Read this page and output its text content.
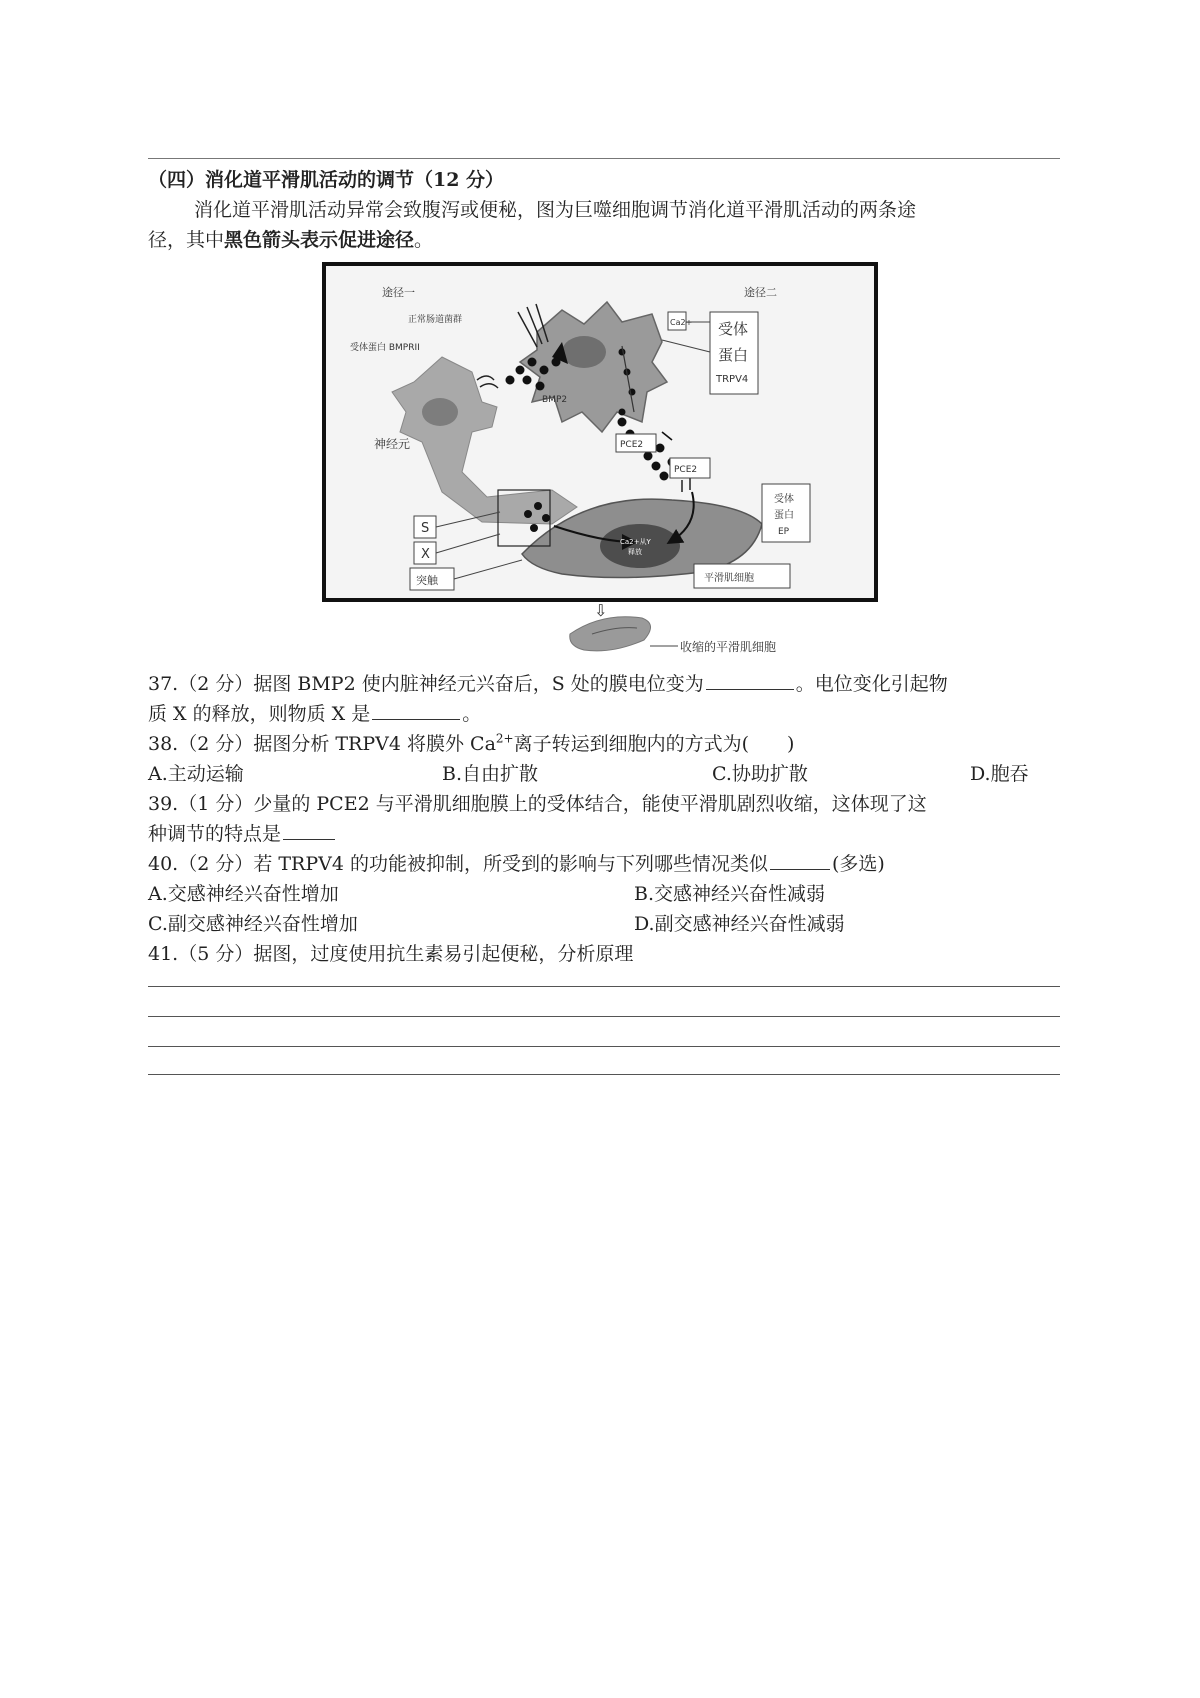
（四）消化道平滑肌活动的调节（12 分）
消化道平滑肌活动异常会致腹泻或便秘，图为巨噬细胞调节消化道平滑肌活动的两条途
径，其中黑色箭头表示促进途径。
途径一	途径二
正常肠道菌群
受体蛋白 BMPRII
BMP2
神经元
Ca2+ 受体
蛋白
TRPV4
PCE2
PCE2
受体
蛋白
EP
S
X
突触	平滑肌细胞
Ca2+从Y
释放
⇩
收缩的平滑肌细胞
37.（2 分）据图 BMP2 使内脏神经元兴奋后，S 处的膜电位变为	。电位变化引起物
质 X 的释放，则物质 X 是	。
38.（2 分）据图分析 TRPV4 将膜外 $Ca^{2+}$离子转运到细胞内的方式为(　　)
A.主动运输	B.自由扩散	C.协助扩散	D.胞吞
39.（1 分）少量的 PCE2 与平滑肌细胞膜上的受体结合，能使平滑肌剧烈收缩，这体现了这
种调节的特点是
40.（2 分）若 TRPV4 的功能被抑制，所受到的影响与下列哪些情况类似	(多选)
A.交感神经兴奋性增加	B.交感神经兴奋性减弱
C.副交感神经兴奋性增加	D.副交感神经兴奋性减弱
41.（5 分）据图，过度使用抗生素易引起便秘，分析原理
